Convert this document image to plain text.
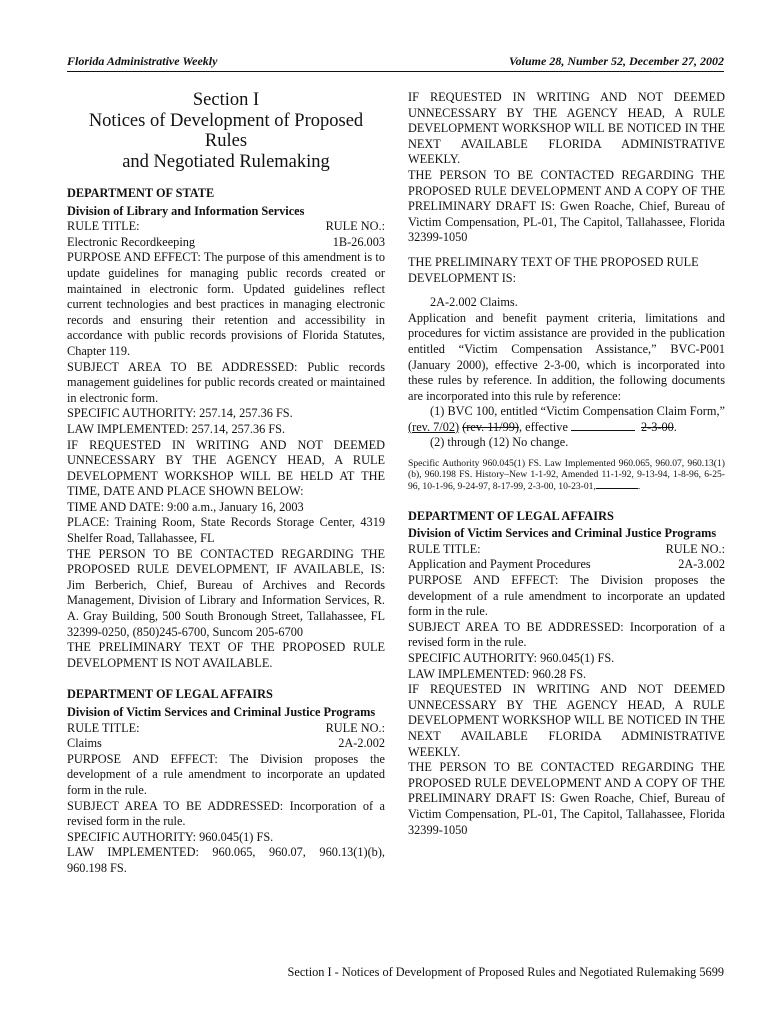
Florida Administrative Weekly	Volume 28, Number 52, December 27, 2002
Section I
Notices of Development of Proposed Rules
and Negotiated Rulemaking

DEPARTMENT OF STATE

Division of Library and Information Services

RULE TITLE:	RULE NO.:
Electronic Recordkeeping	1B-26.003

PURPOSE AND EFFECT: The purpose of this amendment is to update guidelines for managing public records created or maintained in electronic form. Updated guidelines reflect current technologies and best practices in managing electronic records and ensuring their retention and accessibility in accordance with public records provisions of Florida Statutes, Chapter 119.

SUBJECT AREA TO BE ADDRESSED: Public records management guidelines for public records created or maintained in electronic form.

SPECIFIC AUTHORITY: 257.14, 257.36 FS.

LAW IMPLEMENTED: 257.14, 257.36 FS.

IF REQUESTED IN WRITING AND NOT DEEMED UNNECESSARY BY THE AGENCY HEAD, A RULE DEVELOPMENT WORKSHOP WILL BE HELD AT THE TIME, DATE AND PLACE SHOWN BELOW:

TIME AND DATE: 9:00 a.m., January 16, 2003

PLACE: Training Room, State Records Storage Center, 4319 Shelfer Road, Tallahassee, FL

THE PERSON TO BE CONTACTED REGARDING THE PROPOSED RULE DEVELOPMENT, IF AVAILABLE, IS: Jim Berberich, Chief, Bureau of Archives and Records Management, Division of Library and Information Services, R. A. Gray Building, 500 South Bronough Street, Tallahassee, FL 32399-0250, (850)245-6700, Suncom 205-6700

THE PRELIMINARY TEXT OF THE PROPOSED RULE DEVELOPMENT IS NOT AVAILABLE.

DEPARTMENT OF LEGAL AFFAIRS

Division of Victim Services and Criminal Justice Programs

RULE TITLE:	RULE NO.:
Claims	2A-2.002

PURPOSE AND EFFECT: The Division proposes the development of a rule amendment to incorporate an updated form in the rule.

SUBJECT AREA TO BE ADDRESSED: Incorporation of a revised form in the rule.

SPECIFIC AUTHORITY: 960.045(1) FS.

LAW IMPLEMENTED: 960.065, 960.07, 960.13(1)(b), 960.198 FS.

IF REQUESTED IN WRITING AND NOT DEEMED UNNECESSARY BY THE AGENCY HEAD, A RULE DEVELOPMENT WORKSHOP WILL BE NOTICED IN THE NEXT AVAILABLE FLORIDA ADMINISTRATIVE WEEKLY.

THE PERSON TO BE CONTACTED REGARDING THE PROPOSED RULE DEVELOPMENT AND A COPY OF THE PRELIMINARY DRAFT IS: Gwen Roache, Chief, Bureau of Victim Compensation, PL-01, The Capitol, Tallahassee, Florida 32399-1050

THE PRELIMINARY TEXT OF THE PROPOSED RULE DEVELOPMENT IS:

2A-2.002 Claims.

Application and benefit payment criteria, limitations and procedures for victim assistance are provided in the publication entitled “Victim Compensation Assistance,” BVC-P001 (January 2000), effective 2-3-00, which is incorporated into these rules by reference. In addition, the following documents are incorporated into this rule by reference:

(1) BVC 100, entitled “Victim Compensation Claim Form,” (rev. 7/02) (rev. 11/99), effective	2-3-00.

(2) through (12) No change.

Specific Authority 960.045(1) FS. Law Implemented 960.065, 960.07, 960.13(1)(b), 960.198 FS. History–New 1-1-92, Amended 11-1-92, 9-13-94, 1-8-96, 6-25-96, 10-1-96, 9-24-97, 8-17-99, 2-3-00, 10-23-01,	.

DEPARTMENT OF LEGAL AFFAIRS

Division of Victim Services and Criminal Justice Programs

RULE TITLE:	RULE NO.:
Application and Payment Procedures	2A-3.002

PURPOSE AND EFFECT: The Division proposes the development of a rule amendment to incorporate an updated form in the rule.

SUBJECT AREA TO BE ADDRESSED: Incorporation of a revised form in the rule.

SPECIFIC AUTHORITY: 960.045(1) FS.

LAW IMPLEMENTED: 960.28 FS.

IF REQUESTED IN WRITING AND NOT DEEMED UNNECESSARY BY THE AGENCY HEAD, A RULE DEVELOPMENT WORKSHOP WILL BE NOTICED IN THE NEXT AVAILABLE FLORIDA ADMINISTRATIVE WEEKLY.

THE PERSON TO BE CONTACTED REGARDING THE PROPOSED RULE DEVELOPMENT AND A COPY OF THE PRELIMINARY DRAFT IS: Gwen Roache, Chief, Bureau of Victim Compensation, PL-01, The Capitol, Tallahassee, Florida 32399-1050

Section I - Notices of Development of Proposed Rules and Negotiated Rulemaking 5699
